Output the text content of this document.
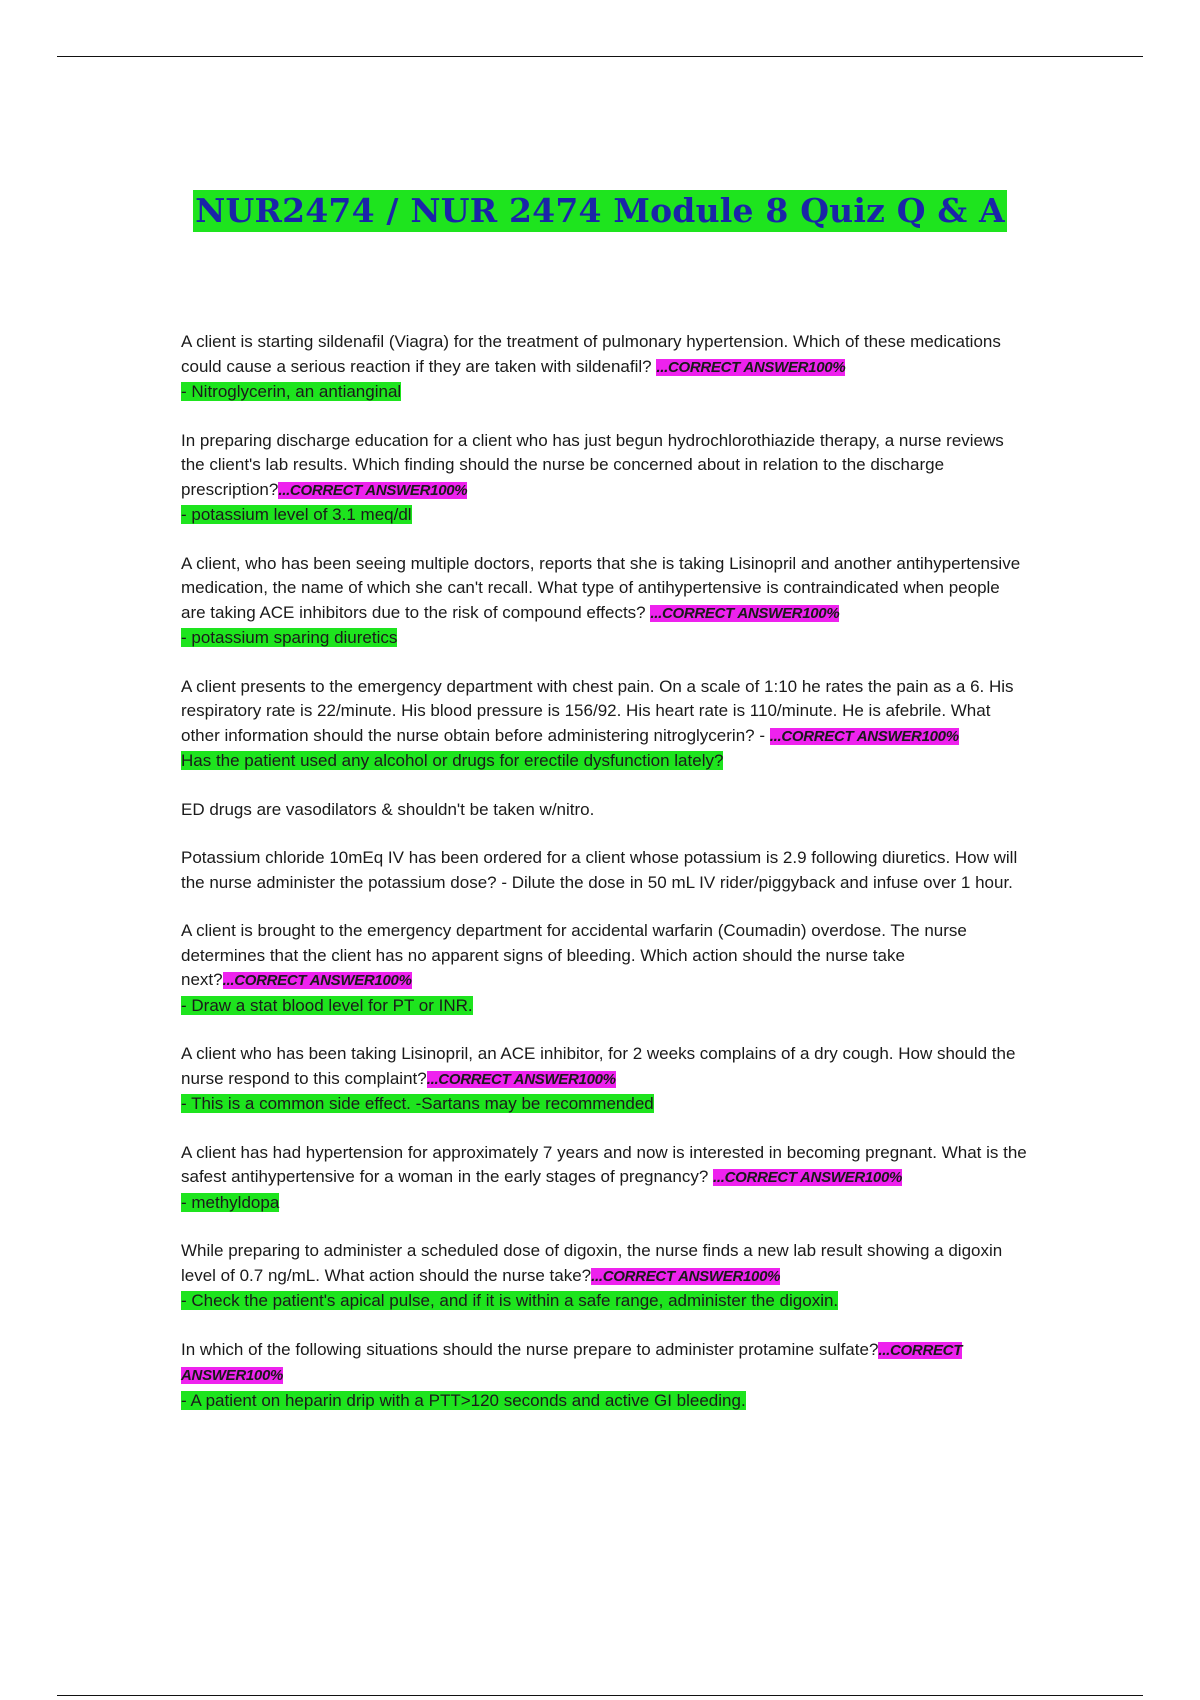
NUR2474 / NUR 2474 Module 8 Quiz Q & A
A client is starting sildenafil (Viagra) for the treatment of pulmonary hypertension. Which of these medications could cause a serious reaction if they are taken with sildenafil? ...CORRECT ANSWER100%
- Nitroglycerin, an antianginal
In preparing discharge education for a client who has just begun hydrochlorothiazide therapy, a nurse reviews the client's lab results. Which finding should the nurse be concerned about in relation to the discharge prescription?...CORRECT ANSWER100%
- potassium level of 3.1 meq/dl
A client, who has been seeing multiple doctors, reports that she is taking Lisinopril and another antihypertensive medication, the name of which she can't recall. What type of antihypertensive is contraindicated when people are taking ACE inhibitors due to the risk of compound effects? ...CORRECT ANSWER100%
- potassium sparing diuretics
A client presents to the emergency department with chest pain. On a scale of 1:10 he rates the pain as a 6. His respiratory rate is 22/minute. His blood pressure is 156/92. His heart rate is 110/minute. He is afebrile. What other information should the nurse obtain before administering nitroglycerin? - ...CORRECT ANSWER100%
Has the patient used any alcohol or drugs for erectile dysfunction lately?
ED drugs are vasodilators & shouldn't be taken w/nitro.
Potassium chloride 10mEq IV has been ordered for a client whose potassium is 2.9 following diuretics. How will the nurse administer the potassium dose? - Dilute the dose in 50 mL IV rider/piggyback and infuse over 1 hour.
A client is brought to the emergency department for accidental warfarin (Coumadin) overdose. The nurse determines that the client has no apparent signs of bleeding. Which action should the nurse take next?...CORRECT ANSWER100%
- Draw a stat blood level for PT or INR.
A client who has been taking Lisinopril, an ACE inhibitor, for 2 weeks complains of a dry cough. How should the nurse respond to this complaint?...CORRECT ANSWER100%
- This is a common side effect. -Sartans may be recommended
A client has had hypertension for approximately 7 years and now is interested in becoming pregnant. What is the safest antihypertensive for a woman in the early stages of pregnancy? ...CORRECT ANSWER100%
- methyldopa
While preparing to administer a scheduled dose of digoxin, the nurse finds a new lab result showing a digoxin level of 0.7 ng/mL. What action should the nurse take?...CORRECT ANSWER100%
- Check the patient's apical pulse, and if it is within a safe range, administer the digoxin.
In which of the following situations should the nurse prepare to administer protamine sulfate?...CORRECT ANSWER100%
- A patient on heparin drip with a PTT>120 seconds and active GI bleeding.
